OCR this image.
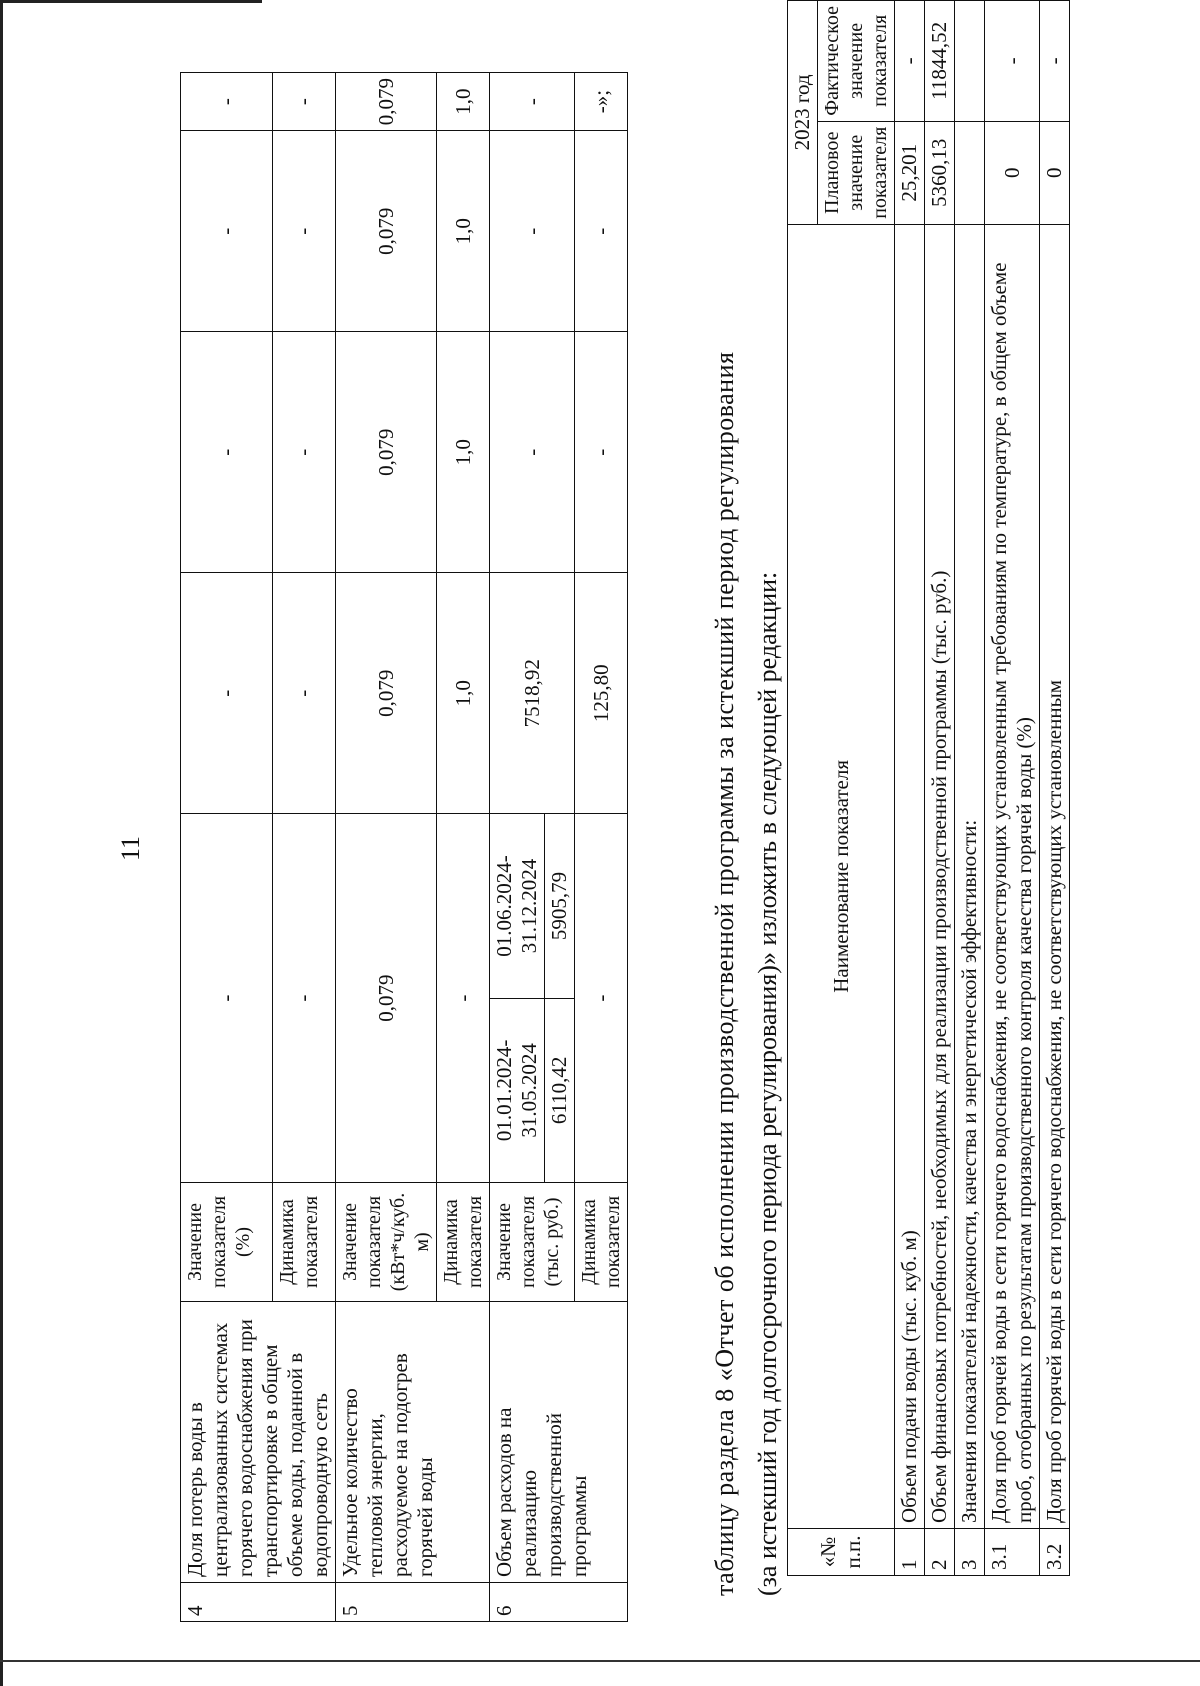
11
4	Доля потерь воды в централизованных системах горячего водоснабжения при транспортировке в общем объеме воды, поданной в водопроводную сеть	Значение показателя (%)	-		-	-	-	-
		Динамика показателя	-		-	-	-	-
5	Удельное количество тепловой энергии, расходуемое на подогрев горячей воды	Значение показателя (кВт*ч/куб. м)	0,079		0,079	0,079	0,079	0,079
		Динамика показателя	-		1,0	1,0	1,0	1,0
6	Объем расходов на реализацию производственной программы	Значение показателя (тыс. руб.)	01.01.2024-31.05.2024	01.06.2024-31.12.2024	7518,92	-	-	-
			6110,42	5905,79				
		Динамика показателя	-		125,80	-	-	-»;
таблицу раздела 8 «Отчет об исполнении производственной программы за истекший период регулирования (за истекший год долгосрочного периода регулирования)» изложить в следующей редакции: «№ п.п.	Наименование показателя	2023 год	
		Плановое значение показателя	Фактическое значение показателя
1	Объем подачи воды (тыс. куб. м)	25,201	-
2	Объем финансовых потребностей, необходимых для реализации производственной программы (тыс. руб.)	5360,13	11844,52
3	Значения показателей надежности, качества и энергетической эффективности:		
3.1	Доля проб горячей воды в сети горячего водоснабжения, не соответствующих установленным требованиям по температуре, в общем объеме проб, отобранных по результатам производственного контроля качества горячей воды (%)	0	-
3.2	Доля проб горячей воды в сети горячего водоснабжения, не соответствующих установленным	0	-
